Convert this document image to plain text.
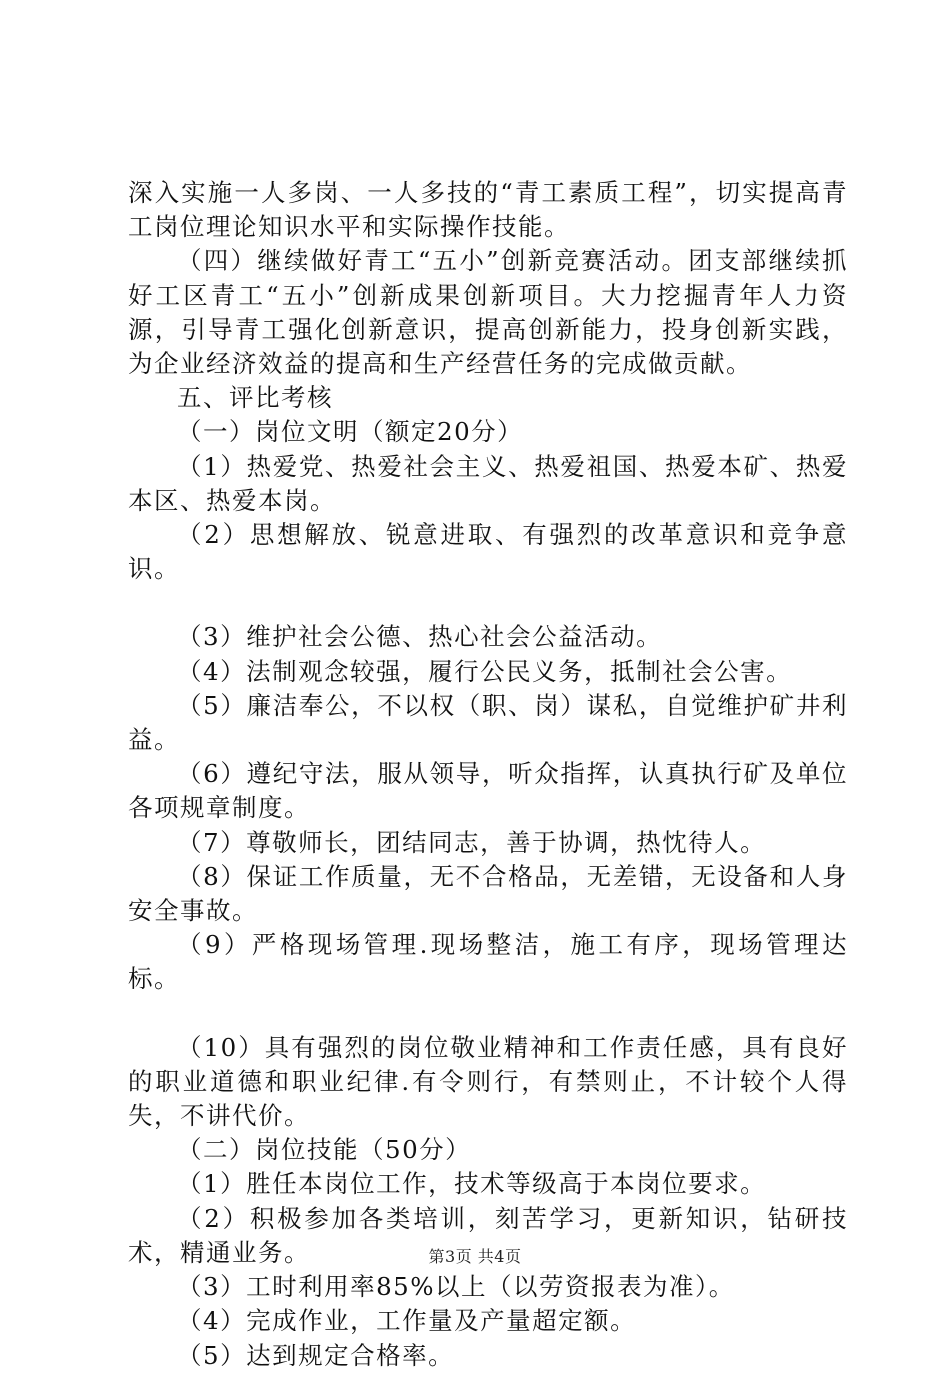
深入实施一人多岗、一人多技的“青工素质工程”，切实提高青工岗位理论知识水平和实际操作技能。

（四）继续做好青工“五小”创新竞赛活动。团支部继续抓好工区青工“五小”创新成果创新项目。大力挖掘青年人力资源，引导青工强化创新意识，提高创新能力，投身创新实践，为企业经济效益的提高和生产经营任务的完成做贡献。

五、评比考核

（一）岗位文明（额定20分）

（1）热爱党、热爱社会主义、热爱祖国、热爱本矿、热爱本区、热爱本岗。

（2）思想解放、锐意进取、有强烈的改革意识和竞争意识。

（3）维护社会公德、热心社会公益活动。

（4）法制观念较强，履行公民义务，抵制社会公害。

（5）廉洁奉公，不以权（职、岗）谋私，自觉维护矿井利益。

（6）遵纪守法，服从领导，听众指挥，认真执行矿及单位各项规章制度。

（7）尊敬师长，团结同志，善于协调，热忱待人。

（8）保证工作质量，无不合格品，无差错，无设备和人身安全事故。

（9）严格现场管理.现场整洁，施工有序，现场管理达标。

（10）具有强烈的岗位敬业精神和工作责任感，具有良好的职业道德和职业纪律.有令则行，有禁则止，不计较个人得失，不讲代价。

（二）岗位技能（50分）

（1）胜任本岗位工作，技术等级高于本岗位要求。

（2）积极参加各类培训，刻苦学习，更新知识，钻研技术，精通业务。

（3）工时利用率85%以上（以劳资报表为准）。

（4）完成作业，工作量及产量超定额。

（5）达到规定合格率。

第3页 共4页
